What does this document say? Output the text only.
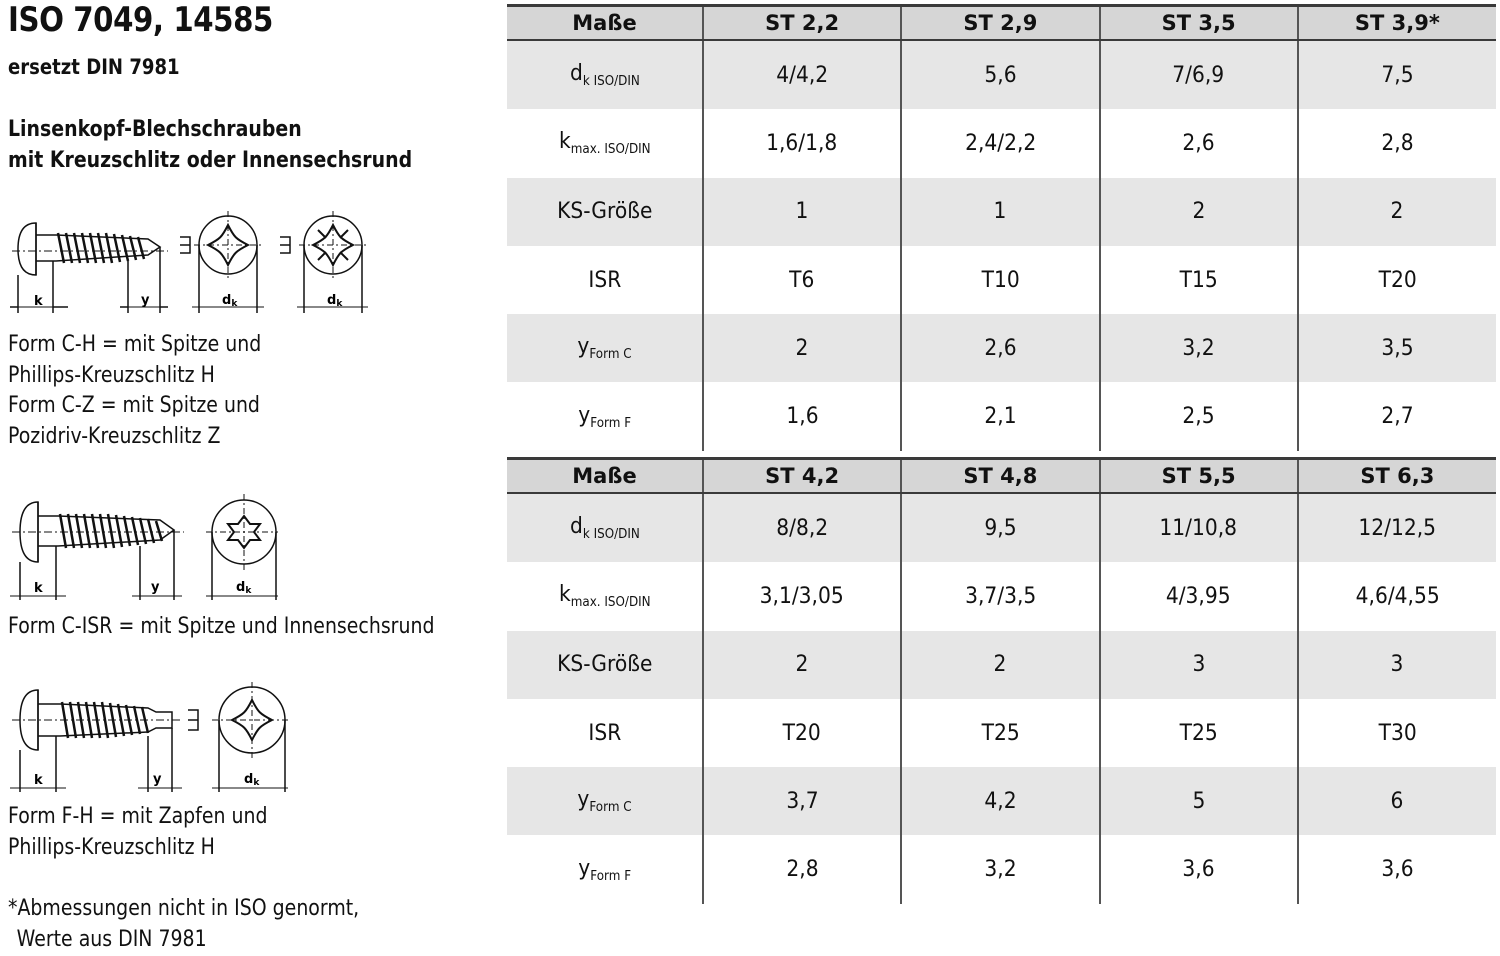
ISO 7049, 14585
ersetzt DIN 7981
Linsenkopf-Blechschrauben
mit Kreuzschlitz oder Innensechsrund
k	y	dk	dk
Form C-H = mit Spitze und
Phillips-Kreuzschlitz H
Form C-Z = mit Spitze und
Pozidriv-Kreuzschlitz Z
k	y	dk
Form C-ISR = mit Spitze und Innensechsrund
k	y	dk
Form F-H = mit Zapfen und
Phillips-Kreuzschlitz H
*Abmessungen nicht in ISO genormt,
Werte aus DIN 7981
Maße	ST 2,2	ST 2,9	ST 3,5	ST 3,9*
$d_{k ISO/DIN}$	4/4,2	5,6	7/6,9	7,5
$k_{max. ISO/DIN}$	1,6/1,8	2,4/2,2	2,6	2,8
KS-Größe	1	1	2	2
ISR	T6	T10	T15	T20
$y_{Form C}$	2	2,6	3,2	3,5
$y_{Form F}$	1,6	2,1	2,5	2,7
Maße	ST 4,2	ST 4,8	ST 5,5	ST 6,3
$d_{k ISO/DIN}$	8/8,2	9,5	11/10,8	12/12,5
$k_{max. ISO/DIN}$	3,1/3,05	3,7/3,5	4/3,95	4,6/4,55
KS-Größe	2	2	3	3
ISR	T20	T25	T25	T30
$y_{Form C}$	3,7	4,2	5	6
$y_{Form F}$	2,8	3,2	3,6	3,6
